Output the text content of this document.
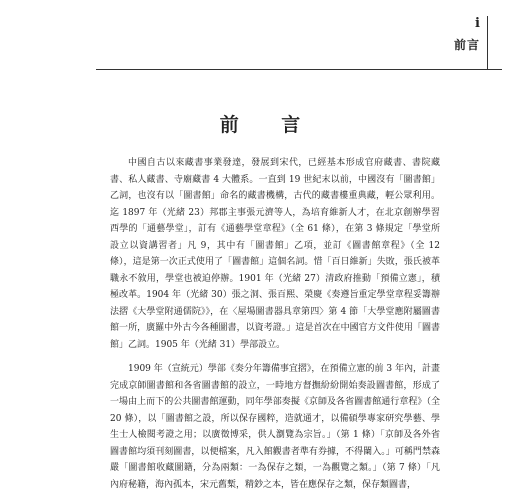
i
前言
前 言

中國自古以來藏書事業發達，發展到宋代，已經基本形成官府藏書、書院藏書、私人藏書、寺廟藏書 4 大體系。一直到 19 世紀末以前，中國沒有「圖書館」乙詞，也沒有以「圖書館」命名的藏書機構，古代的藏書樓重典藏，輕公眾利用。迄 1897 年（光緒 23）邦郡主事張元濟等人，為培育維新人才，在北京創辦學習西學的「通藝學堂」，訂有《通藝學堂章程》（全 61 條），在第 3 條規定「學堂所設立以資講習者」凡 9，其中有「圖書館」乙項，並訂《圖書館章程》（全 12 條），這是第一次正式使用了「圖書館」這個名詞。惜「百日維新」失敗，張氏被革職永不敘用，學堂也被迫停辦。1901 年（光緒 27）清政府推動「預備立憲」，積極改革。1904 年（光緒 30）張之洞、張百熙、榮慶《奏遵旨重定學堂章程妥籌辦法摺《大學堂附通儒院》》，在〈屋場圖書器具章第四〉第 4 節「大學堂應附屬圖書館一所，廣羅中外古今各種圖書，以資考證。」這是首次在中國官方文件使用「圖書館」乙詞。1905 年（光緒 31）學部設立。

1909 年（宣統元）學部《奏分年籌備事宜摺》，在預備立憲的前 3 年內，計畫完成京師圖書館和各省圖書館的設立，一時地方督撫紛紛開始奏設圖書館，形成了一場由上而下的公共圖書館運動，同年學部奏擬《京師及各省圖書館通行章程》（全 20 條），以「圖書館之設，所以保存國粹，造就通才，以備碩學專家研究學藝、學生士人檢閱考證之用；以廣徵博采，供人瀏覽為宗旨。」（第 1 條）「京師及各外省圖書館均須刊刻圖書，以便檔案，凡入館觀書者準有券據，不得闌入。」可稱門禁森嚴「圖書館收藏圖籍，分為兩類：一為保存之類，一為觀覽之類。」（第 7 條）「凡內府秘籍，海內孤本，宋元舊槧，精鈔之本，皆在應保存之類，保存類圖書，
